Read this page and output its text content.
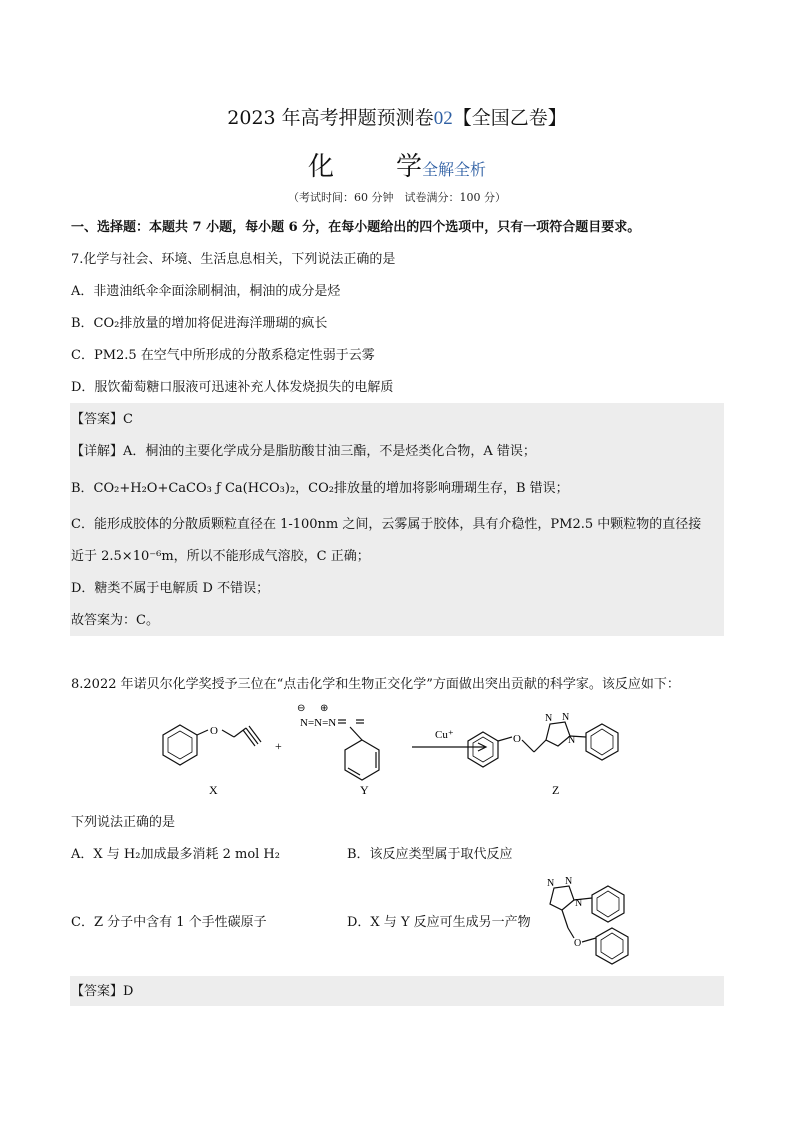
2023 年高考押题预测卷02【全国乙卷】
化 学全解全析
（考试时间：60 分钟　试卷满分：100 分）
一、选择题：本题共 7 小题，每小题 6 分，在每小题给出的四个选项中，只有一项符合题目要求。
7.化学与社会、环境、生活息息相关，下列说法正确的是
A．非遗油纸伞伞面涂刷桐油，桐油的成分是烃
B．CO₂排放量的增加将促进海洋珊瑚的疯长
C．PM2.5 在空气中所形成的分散系稳定性弱于云雾
D．服饮葡萄糖口服液可迅速补充人体发烧损失的电解质
【答案】C
【详解】A．桐油的主要化学成分是脂肪酸甘油三酯，不是烃类化合物，A 错误；
B．CO₂+H₂O+CaCO₃ ƒ Ca(HCO₃)₂，CO₂排放量的增加将影响珊瑚生存，B 错误；
C．能形成胶体的分散质颗粒直径在 1-100nm 之间，云雾属于胶体，具有介稳性，PM2.5 中颗粒物的直径接
近于 2.5×10⁻⁶m，所以不能形成气溶胶，C 正确；
D．糖类不属于电解质 D 不错误；
故答案为：C。
8.2022 年诺贝尔化学奖授予三位在“点击化学和生物正交化学”方面做出突出贡献的科学家。该反应如下：
O
+
⊖ ⊕
N=N=N
Cu⁺	O
N N
N
X	Y	Z
下列说法正确的是
A．X 与 H₂加成最多消耗 2 mol H₂	B．该反应类型属于取代反应
C．Z 分子中含有 1 个手性碳原子	D．X 与 Y 反应可生成另一产物
N N
N
O
【答案】D
